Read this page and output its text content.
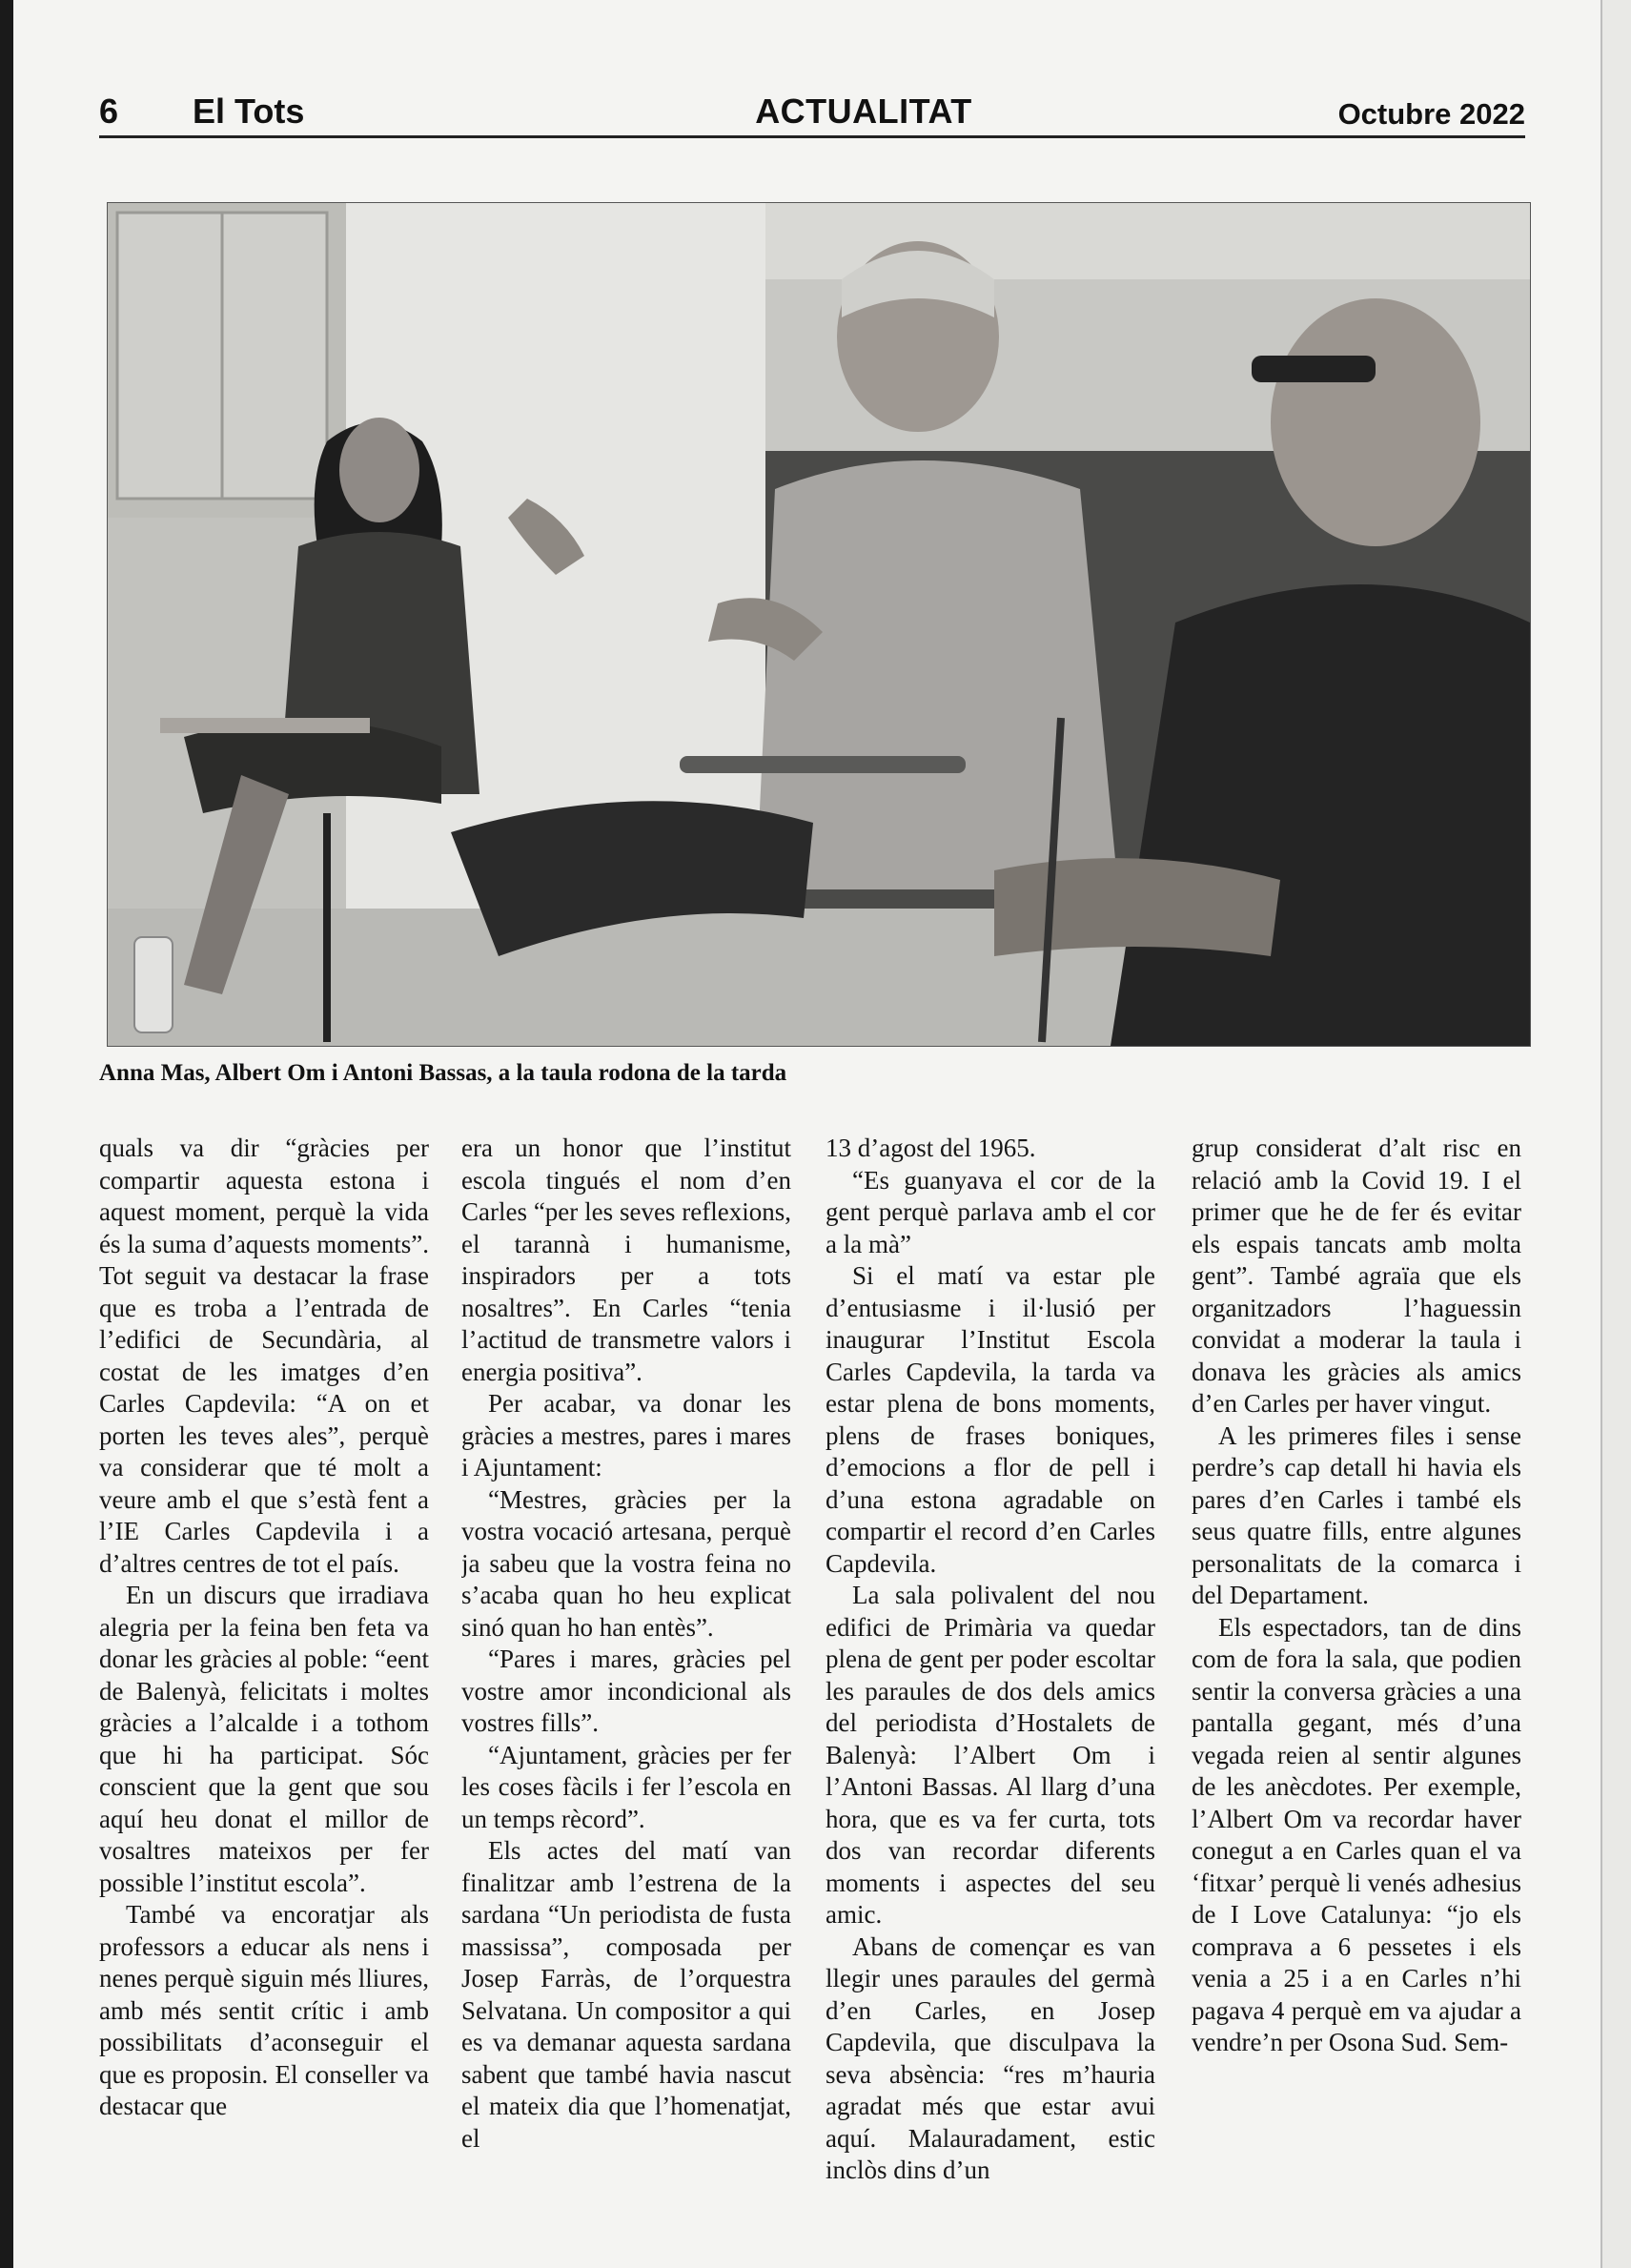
6 El Tots	ACTUALITAT	Octubre 2022
Anna Mas, Albert Om i Antoni Bassas, a la taula rodona de la tarda

quals va dir “gràcies per compartir aquesta estona i aquest moment, perquè la vida és la suma d’aquests moments”. Tot seguit va destacar la frase que es troba a l’entrada de l’edifici de Secundària, al costat de les imatges d’en Carles Capdevila: “A on et porten les teves ales”, perquè va considerar que té molt a veure amb el que s’està fent a l’IE Carles Capdevila i a d’altres centres de tot el país.

En un discurs que irradiava alegria per la feina ben feta va donar les gràcies al poble: “eent de Balenyà, felicitats i moltes gràcies a l’alcalde i a tothom que hi ha participat. Sóc conscient que la gent que sou aquí heu donat el millor de vosaltres mateixos per fer possible l’institut escola”.

També va encoratjar als professors a educar als nens i nenes perquè siguin més lliures, amb més sentit crític i amb possibilitats d’aconseguir el que es proposin. El conseller va destacar que

era un honor que l’institut escola tingués el nom d’en Carles “per les seves reflexions, el tarannà i humanisme, inspiradors per a tots nosaltres”. En Carles “tenia l’actitud de transmetre valors i energia positiva”.

Per acabar, va donar les gràcies a mestres, pares i mares i Ajuntament:

“Mestres, gràcies per la vostra vocació artesana, perquè ja sabeu que la vostra feina no s’acaba quan ho heu explicat sinó quan ho han entès”.

“Pares i mares, gràcies pel vostre amor incondicional als vostres fills”.

“Ajuntament, gràcies per fer les coses fàcils i fer l’escola en un temps rècord”.

Els actes del matí van finalitzar amb l’estrena de la sardana “Un periodista de fusta massissa”, composada per Josep Farràs, de l’orquestra Selvatana. Un compositor a qui es va demanar aquesta sardana sabent que també havia nascut el mateix dia que l’homenatjat, el

13 d’agost del 1965.

“Es guanyava el cor de la gent perquè parlava amb el cor a la mà”

Si el matí va estar ple d’entusiasme i il·lusió per inaugurar l’Institut Escola Carles Capdevila, la tarda va estar plena de bons moments, plens de frases boniques, d’emocions a flor de pell i d’una estona agradable on compartir el record d’en Carles Capdevila.

La sala polivalent del nou edifici de Primària va quedar plena de gent per poder escoltar les paraules de dos dels amics del periodista d’Hostalets de Balenyà: l’Albert Om i l’Antoni Bassas. Al llarg d’una hora, que es va fer curta, tots dos van recordar diferents moments i aspectes del seu amic.

Abans de començar es van llegir unes paraules del germà d’en Carles, en Josep Capdevila, que disculpava la seva absència: “res m’hauria agradat més que estar avui aquí. Malauradament, estic inclòs dins d’un

grup considerat d’alt risc en relació amb la Covid 19. I el primer que he de fer és evitar els espais tancats amb molta gent”. També agraïa que els organitzadors l’haguessin convidat a moderar la taula i donava les gràcies als amics d’en Carles per haver vingut.

A les primeres files i sense perdre’s cap detall hi havia els pares d’en Carles i també els seus quatre fills, entre algunes personalitats de la comarca i del Departament.

Els espectadors, tan de dins com de fora la sala, que podien sentir la conversa gràcies a una pantalla gegant, més d’una vegada reien al sentir algunes de les anècdotes. Per exemple, l’Albert Om va recordar haver conegut a en Carles quan el va ‘fitxar’ perquè li venés adhesius de I Love Catalunya: “jo els comprava a 6 pessetes i els venia a 25 i a en Carles n’hi pagava 4 perquè em va ajudar a vendre’n per Osona Sud. Sem-
